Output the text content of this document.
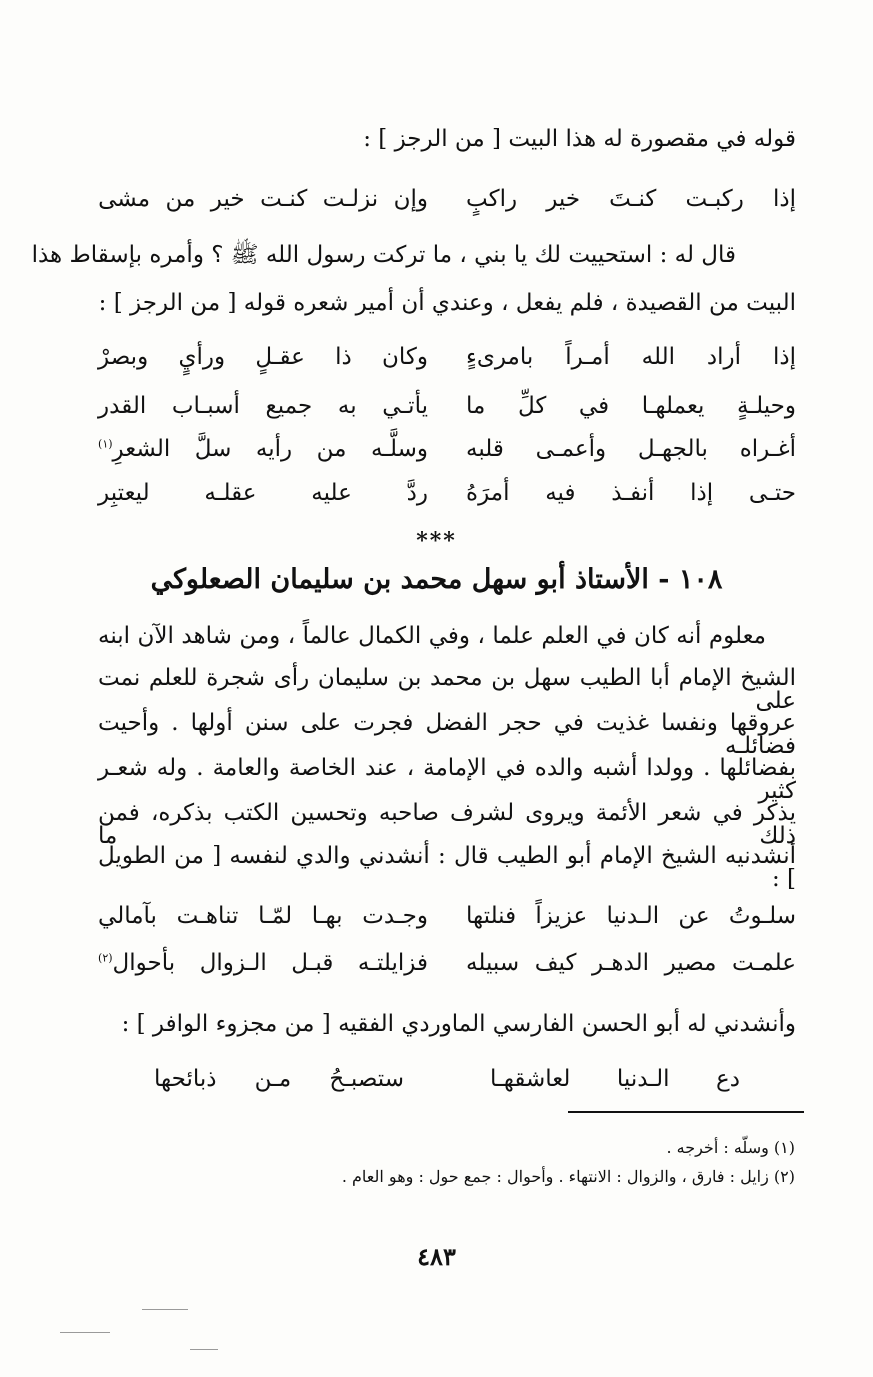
قوله في مقصورة له هذا البيت [ من الرجز ] :
إذا
ركبـت
كنـتَ
خير
راكبٍ
وإن
نزلـت
كنـت
خير
من
مشى
قال له : استحييت لك يا بني ، ما تركت رسول الله ﷺ ؟ وأمره بإسقاط هذا
البيت من القصيدة ، فلم يفعل ، وعندي أن أمير شعره قوله [ من الرجز ] :
إذا
أراد
الله
أمـراً
بامرىءٍ
وكان
ذا
عقـلٍ
ورأيٍ
وبصرْ
وحيلـةٍ
يعملهـا
في
كلِّ
ما
يأتـي
به
جميع
أسبـاب
القدر
أغـراه
بالجهـل
وأعمـى
قلبه
وسلَّـه
من
رأيه
سلَّ
الشعرِ$^{(١)}$
حتـى
إذا
أنفـذ
فيه
أمرَهُ
ردَّ
عليه
عقلـه
ليعتبِر
***
١٠٨ - الأستاذ أبو سهل محمد بن سليمان الصعلوكي
معلوم أنه كان في العلم علما ، وفي الكمال عالماً ، ومن شاهد الآن ابنه
الشيخ الإمام أبا الطيب سهل بن محمد بن سليمان رأى شجرة للعلم نمت على
عروقها ونفسا غذيت في حجر الفضل فجرت على سنن أولها . وأحيت فضائلـه
بفضائلها . وولدا أشبه والده في الإمامة ، عند الخاصة والعامة . وله شعـر كثير
يذكر في شعر الأئمة ويروى لشرف صاحبه وتحسين الكتب بذكره، فمن ذلك ما
أنشدنيه الشيخ الإمام أبو الطيب قال : أنشدني والدي لنفسه [ من الطويل ] :
سلـوتُ
عن
الـدنيا
عزيزاً
فنلتها
وجـدت
بهـا
لمّـا
تناهـت
بآمالي
علمـت
مصير
الدهـر
كيف
سبيله
فزايلتـه
قبـل
الـزوال
بأحوال$^{(٢)}$
وأنشدني له أبو الحسن الفارسي الماوردي الفقيه [ من مجزوء الوافر ] :
دع
الـدنيا
لعاشقهـا
ستصبـحُ
مـن
ذبائحها
(١) وسلّه : أخرجه .
(٢) زايل : فارق ، والزوال : الانتهاء . وأحوال : جمع حول : وهو العام .
٤٨٣
